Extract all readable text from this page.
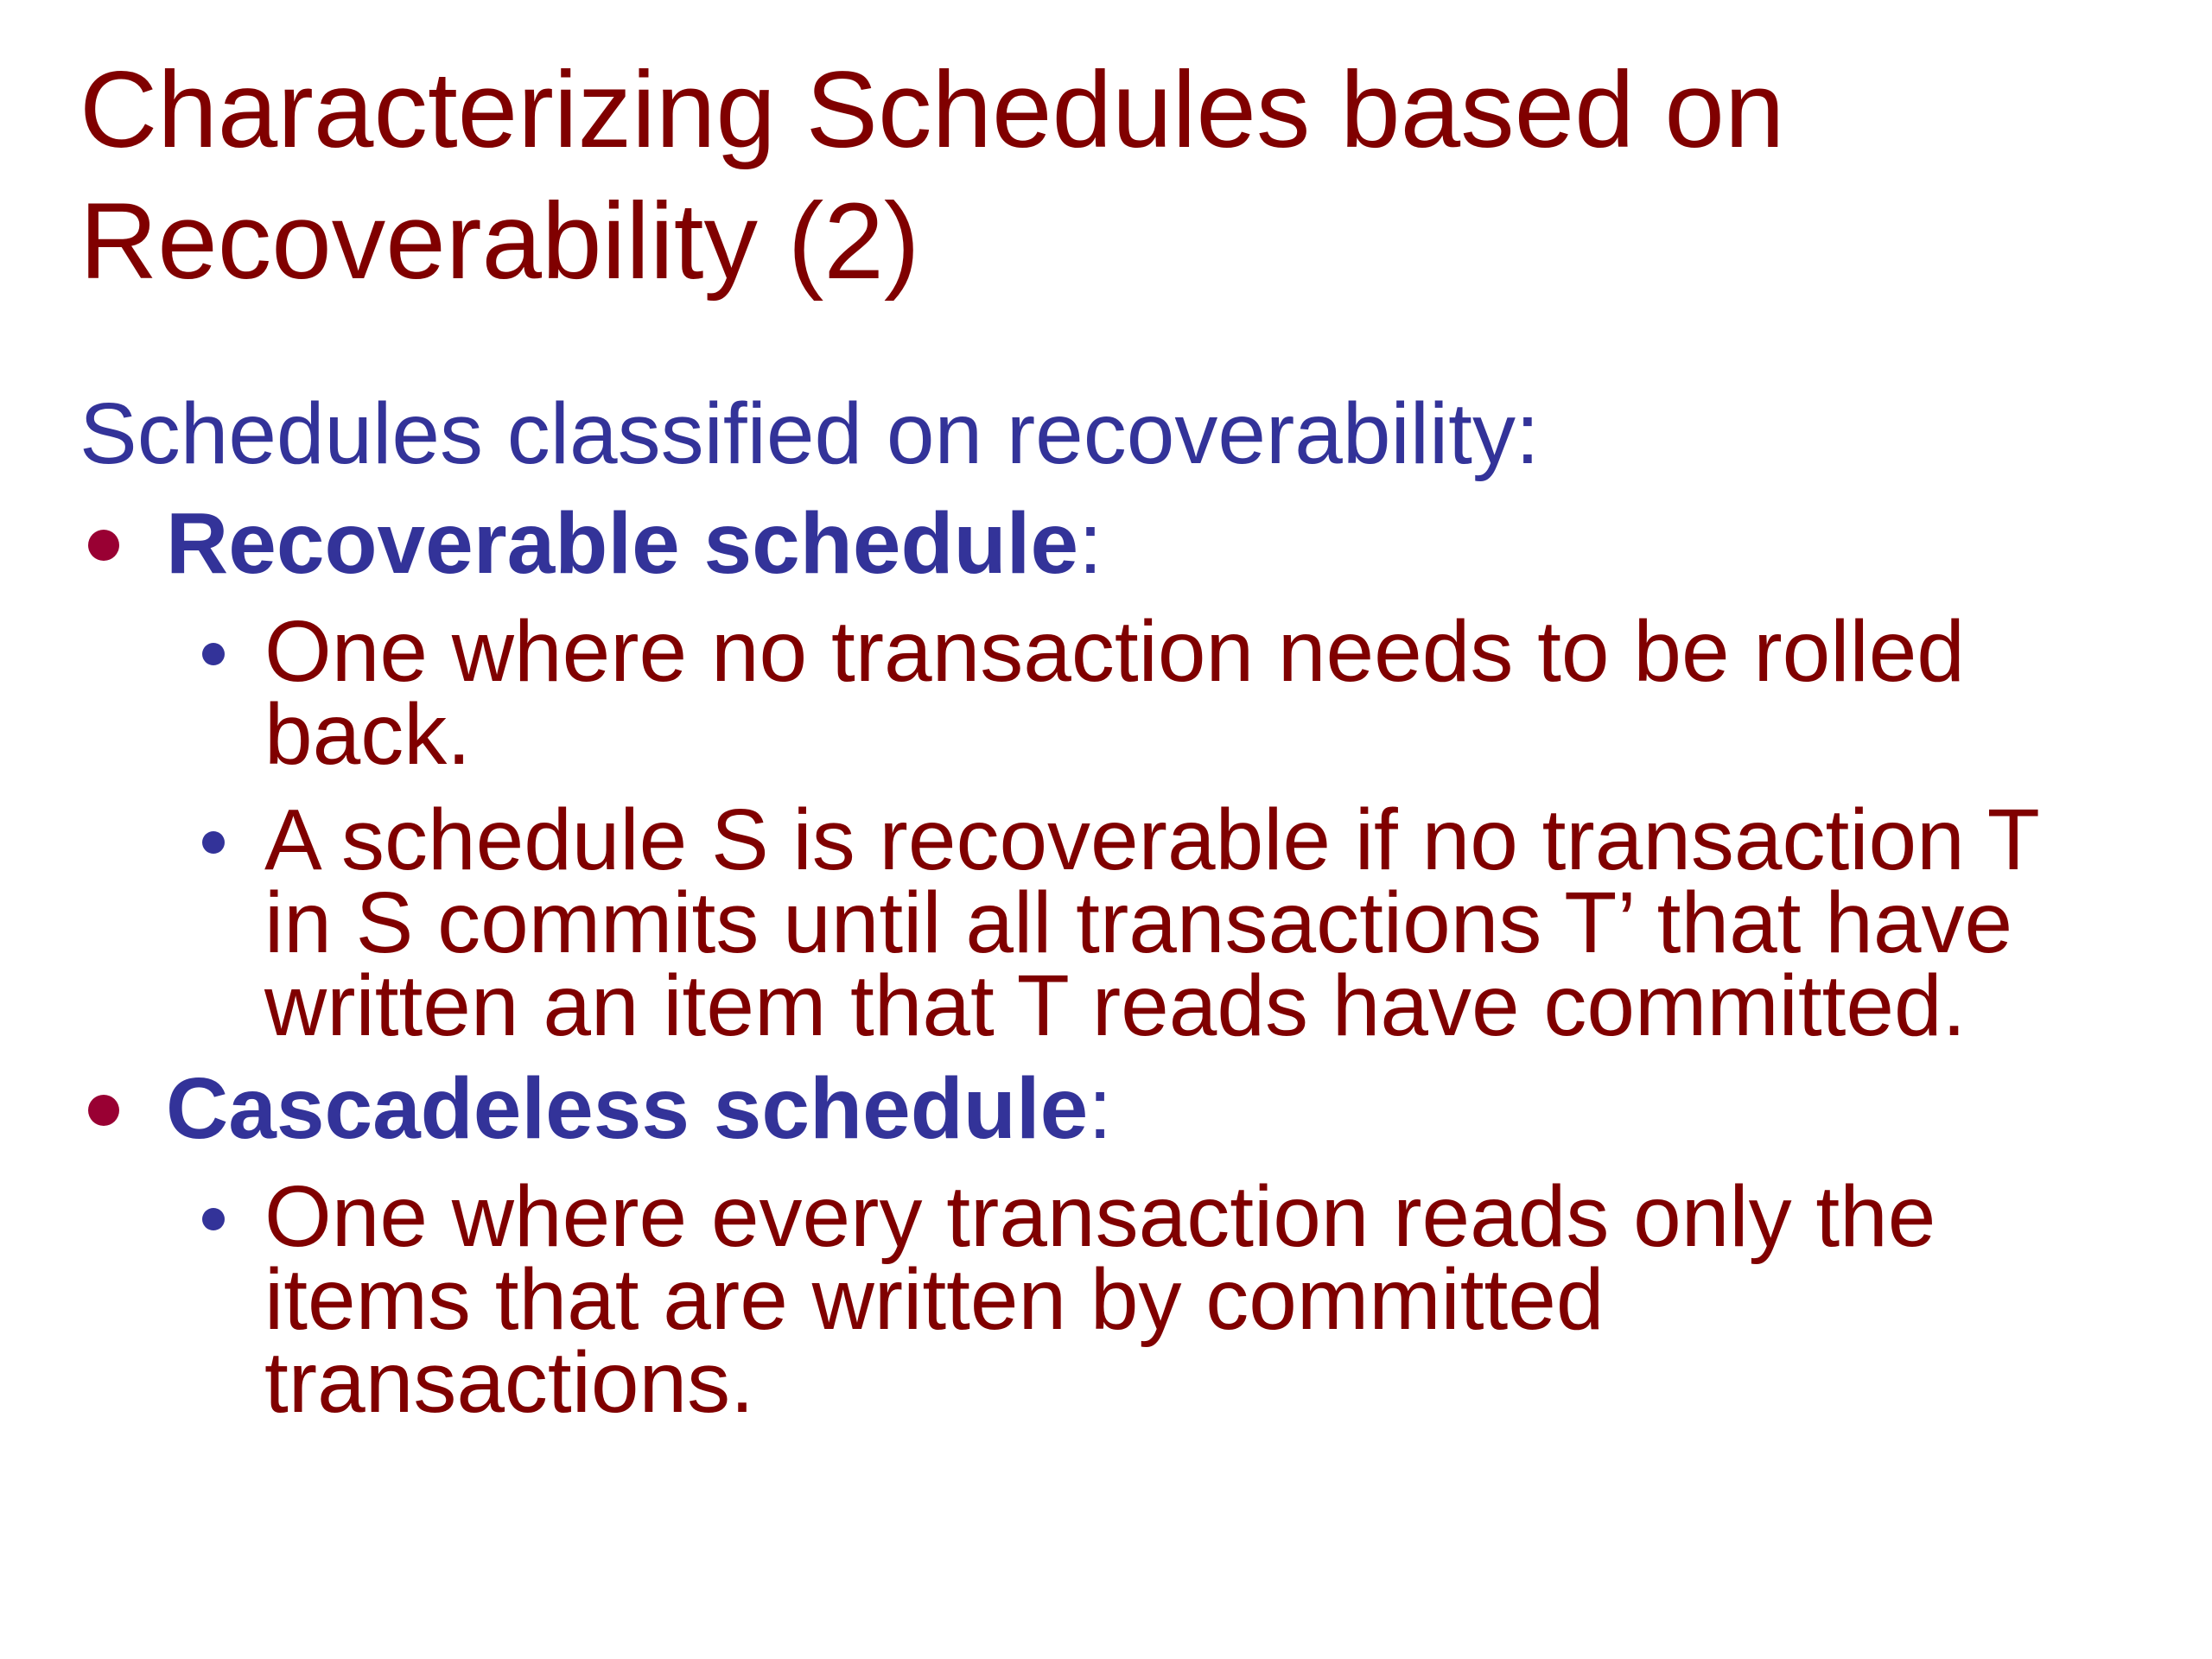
Characterizing Schedules based on Recoverability (2)

Schedules classified on recoverability:

Recoverable schedule:
One where no transaction needs to be rolled back.
A schedule S is recoverable if no transaction T in S commits until all transactions T’ that have written an item that T reads have committed.
Cascadeless schedule:
One where every transaction reads only the items that are written by committed transactions.
